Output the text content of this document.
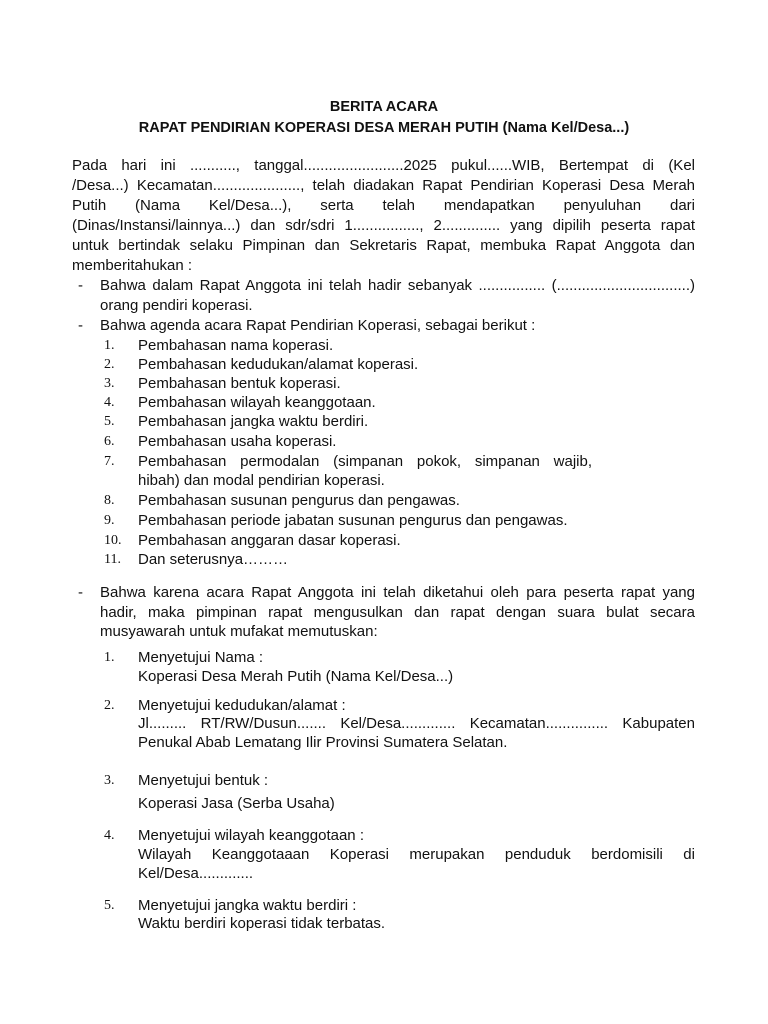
BERITA ACARA
RAPAT PENDIRIAN KOPERASI DESA MERAH PUTIH (Nama Kel/Desa...)
Pada hari ini ..........., tanggal........................2025 pukul......WIB, Bertempat di (Kel
/Desa...) Kecamatan....................., telah diadakan Rapat Pendirian Koperasi Desa Merah
Putih (Nama Kel/Desa...), serta telah mendapatkan penyuluhan dari
(Dinas/Instansi/lainnya...) dan sdr/sdri 1................, 2.............. yang dipilih peserta rapat
untuk bertindak selaku Pimpinan dan Sekretaris Rapat, membuka Rapat Anggota dan
memberitahukan :
- Bahwa dalam Rapat Anggota ini telah hadir sebanyak ................ (................................)
orang pendiri koperasi.
- Bahwa agenda acara Rapat Pendirian Koperasi, sebagai berikut :
1. Pembahasan nama koperasi.
2. Pembahasan kedudukan/alamat koperasi.
3. Pembahasan bentuk koperasi.
4. Pembahasan wilayah keanggotaan.
5. Pembahasan jangka waktu berdiri.
6. Pembahasan usaha koperasi.
7. Pembahasan permodalan (simpanan pokok, simpanan wajib,
hibah) dan modal pendirian koperasi.
8. Pembahasan susunan pengurus dan pengawas.
9. Pembahasan periode jabatan susunan pengurus dan pengawas.
10. Pembahasan anggaran dasar koperasi.
11. Dan seterusnya………
- Bahwa karena acara Rapat Anggota ini telah diketahui oleh para peserta rapat yang
hadir, maka pimpinan rapat mengusulkan dan rapat dengan suara bulat secara
musyawarah untuk mufakat memutuskan:
1. Menyetujui Nama :
Koperasi Desa Merah Putih (Nama Kel/Desa...)
2. Menyetujui kedudukan/alamat :
Jl......... RT/RW/Dusun....... Kel/Desa............. Kecamatan............... Kabupaten
Penukal Abab Lematang Ilir Provinsi Sumatera Selatan.
3. Menyetujui bentuk :
Koperasi Jasa (Serba Usaha)
4. Menyetujui wilayah keanggotaan :
Wilayah Keanggotaaan Koperasi merupakan penduduk berdomisili di
Kel/Desa.............
5. Menyetujui jangka waktu berdiri :
Waktu berdiri koperasi tidak terbatas.
